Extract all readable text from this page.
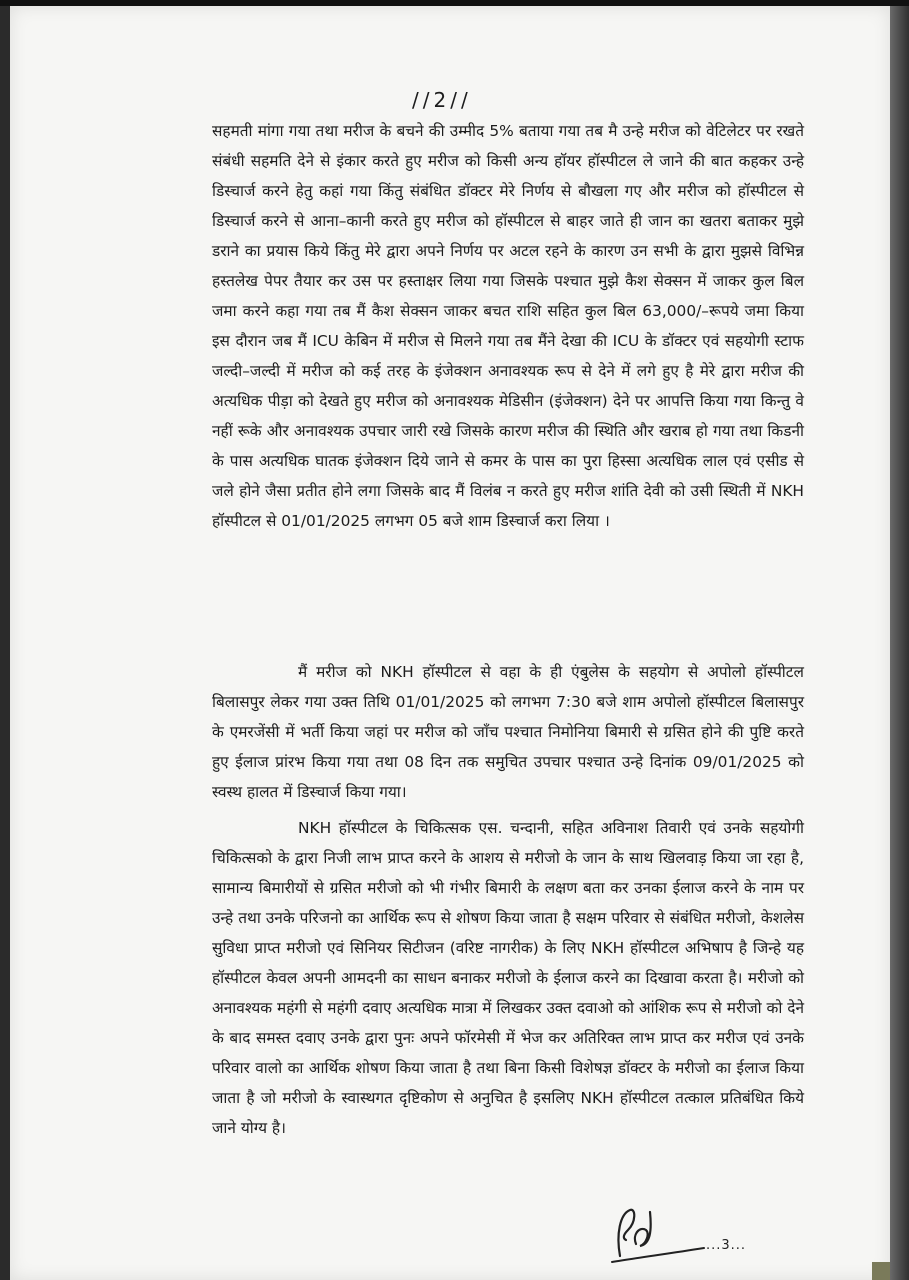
//2//

सहमती मांगा गया तथा मरीज के बचने की उम्मीद 5% बताया गया तब मै उन्हे मरीज को वेटिलेटर पर रखते संबंधी सहमति देने से इंकार करते हुए मरीज को किसी अन्य हॉयर हॉस्पीटल ले जाने की बात कहकर उन्हे डिस्चार्ज करने हेतु कहां गया किंतु संबंधित डॉक्टर मेरे निर्णय से बौखला गए और मरीज को हॉस्पीटल से डिस्चार्ज करने से आना–कानी करते हुए मरीज को हॉस्पीटल से बाहर जाते ही जान का खतरा बताकर मुझे डराने का प्रयास किये किंतु मेरे द्वारा अपने निर्णय पर अटल रहने के कारण उन सभी के द्वारा मुझसे विभिन्न हस्तलेख पेपर तैयार कर उस पर हस्ताक्षर लिया गया जिसके पश्चात मुझे कैश सेक्सन में जाकर कुल बिल जमा करने कहा गया तब मैं कैश सेक्सन जाकर बचत राशि सहित कुल बिल 63,000/–रूपये जमा किया इस दौरान जब मैं ICU केबिन में मरीज से मिलने गया तब मैंने देखा की ICU के डॉक्टर एवं सहयोगी स्टाफ जल्दी–जल्दी में मरीज को कई तरह के इंजेक्शन अनावश्यक रूप से देने में लगे हुए है मेरे द्वारा मरीज की अत्यधिक पीड़ा को देखते हुए मरीज को अनावश्यक मेडिसीन (इंजेक्शन) देने पर आपत्ति किया गया किन्तु वे नहीं रूके और अनावश्यक उपचार जारी रखे जिसके कारण मरीज की स्थिति और खराब हो गया तथा किडनी के पास अत्यधिक घातक इंजेक्शन दिये जाने से कमर के पास का पुरा हिस्सा अत्यधिक लाल एवं एसीड से जले होने जैसा प्रतीत होने लगा जिसके बाद मैं विलंब न करते हुए मरीज शांति देवी को उसी स्थिती में NKH हॉस्पीटल से 01/01/2025 लगभग 05 बजे शाम डिस्चार्ज करा लिया ।

मैं मरीज को NKH हॉस्पीटल से वहा के ही एंबुलेस के सहयोग से अपोलो हॉस्पीटल बिलासपुर लेकर गया उक्त तिथि 01/01/2025 को लगभग 7:30 बजे शाम अपोलो हॉस्पीटल बिलासपुर के एमरजेंसी में भर्ती किया जहां पर मरीज को जाँच पश्चात निमोनिया बिमारी से ग्रसित होने की पुष्टि करते हुए ईलाज प्रांरभ किया गया तथा 08 दिन तक समुचित उपचार पश्चात उन्हे दिनांक 09/01/2025 को स्वस्थ हालत में डिस्चार्ज किया गया।

NKH हॉस्पीटल के चिकित्सक एस. चन्दानी, सहित अविनाश तिवारी एवं उनके सहयोगी चिकित्सको के द्वारा निजी लाभ प्राप्त करने के आशय से मरीजो के जान के साथ खिलवाड़ किया जा रहा है, सामान्य बिमारीयों से ग्रसित मरीजो को भी गंभीर बिमारी के लक्षण बता कर उनका ईलाज करने के नाम पर उन्हे तथा उनके परिजनो का आर्थिक रूप से शोषण किया जाता है सक्षम परिवार से संबंधित मरीजो, केशलेस सुविधा प्राप्त मरीजो एवं सिनियर सिटीजन (वरिष्ट नागरीक) के लिए NKH हॉस्पीटल अभिषाप है जिन्हे यह हॉस्पीटल केवल अपनी आमदनी का साधन बनाकर मरीजो के ईलाज करने का दिखावा करता है। मरीजो को अनावश्यक महंगी से महंगी दवाए अत्यधिक मात्रा में लिखकर उक्त दवाओ को आंशिक रूप से मरीजो को देने के बाद समस्त दवाए उनके द्वारा पुनः अपने फॉरमेसी में भेज कर अतिरिक्त लाभ प्राप्त कर मरीज एवं उनके परिवार वालो का आर्थिक शोषण किया जाता है तथा बिना किसी विशेषज्ञ डॉक्टर के मरीजो का ईलाज किया जाता है जो मरीजो के स्वास्थगत दृष्टिकोण से अनुचित है इसलिए NKH हॉस्पीटल तत्काल प्रतिबंधित किये जाने योग्य है।

...3...
